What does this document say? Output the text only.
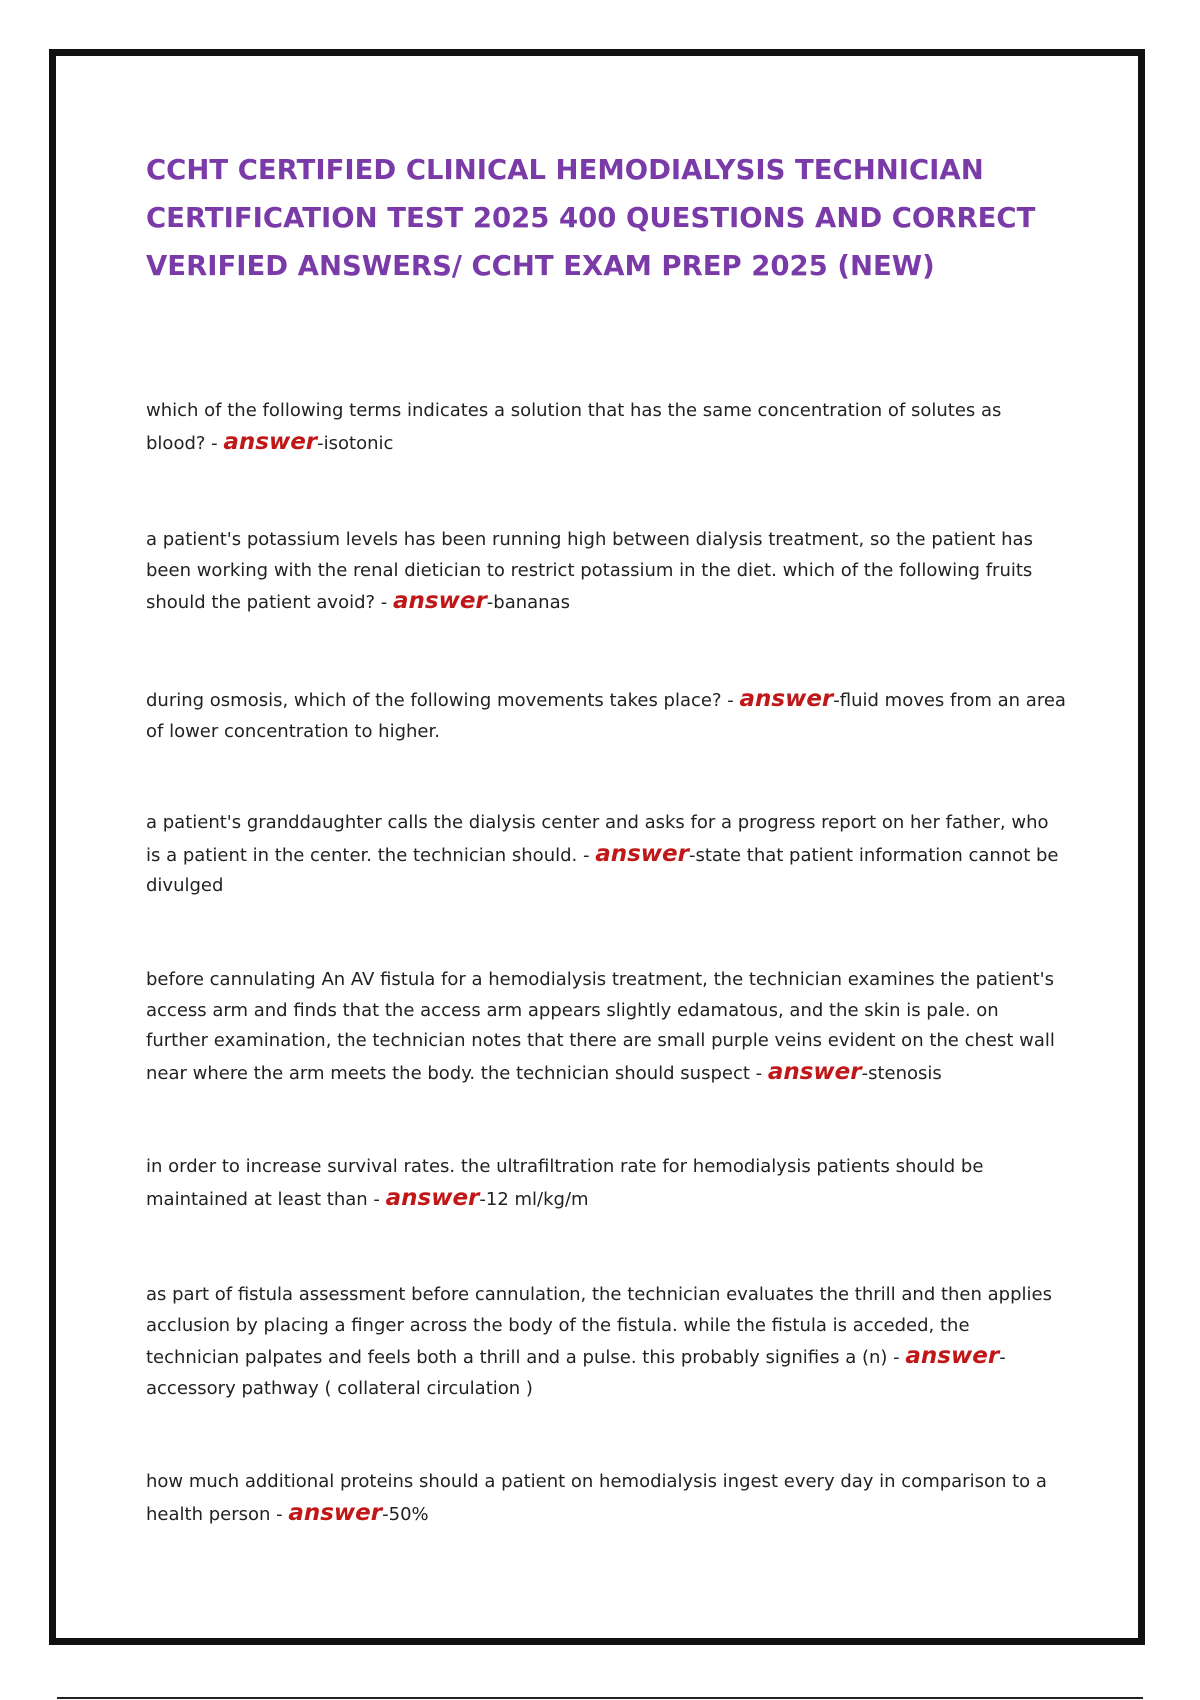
CCHT CERTIFIED CLINICAL HEMODIALYSIS TECHNICIAN CERTIFICATION TEST 2025 400 QUESTIONS AND CORRECT VERIFIED ANSWERS/ CCHT EXAM PREP 2025 (NEW)

which of the following terms indicates a solution that has the same concentration of solutes as blood? - answer-isotonic

a patient's potassium levels has been running high between dialysis treatment, so the patient has been working with the renal dietician to restrict potassium in the diet. which of the following fruits should the patient avoid? - answer-bananas

during osmosis, which of the following movements takes place? - answer-fluid moves from an area of lower concentration to higher.

a patient's granddaughter calls the dialysis center and asks for a progress report on her father, who is a patient in the center. the technician should. - answer-state that patient information cannot be divulged

before cannulating An AV fistula for a hemodialysis treatment, the technician examines the patient's access arm and finds that the access arm appears slightly edamatous, and the skin is pale. on further examination, the technician notes that there are small purple veins evident on the chest wall near where the arm meets the body. the technician should suspect - answer-stenosis

in order to increase survival rates. the ultrafiltration rate for hemodialysis patients should be maintained at least than - answer-12 ml/kg/m

as part of fistula assessment before cannulation, the technician evaluates the thrill and then applies acclusion by placing a finger across the body of the fistula. while the fistula is acceded, the technician palpates and feels both a thrill and a pulse. this probably signifies a (n) - answer-accessory pathway ( collateral circulation )

how much additional proteins should a patient on hemodialysis ingest every day in comparison to a health person - answer-50%
